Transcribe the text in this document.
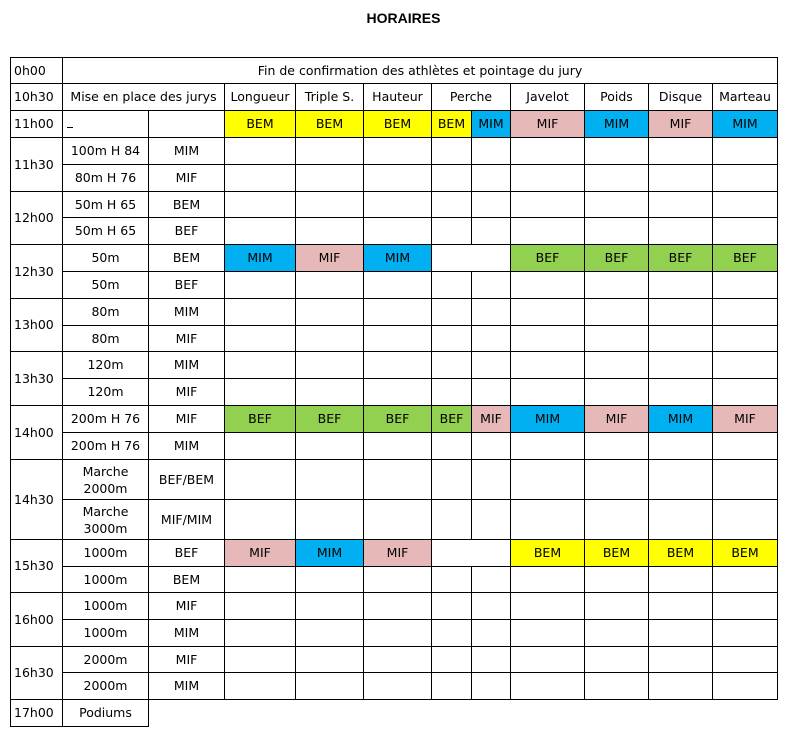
HORAIRES
0h00	Fin de confirmation des athlètes et pointage du jury										
10h30	Mise en place des jurys		Longueur	Triple S.	Hauteur	Perche		Javelot	Poids	Disque	Marteau
11h00			BEM	BEM	BEM	BEM	MIM	MIF	MIM	MIF	MIM
11h30	100m H 84	MIM									
	80m H 76	MIF									
12h00	50m H 65	BEM									
	50m H 65	BEF									
12h30	50m	BEM	MIM	MIF	MIM			BEF	BEF	BEF	BEF
	50m	BEF									
13h00	80m	MIM									
	80m	MIF									
13h30	120m	MIM									
	120m	MIF									
14h00	200m H 76	MIF	BEF	BEF	BEF	BEF	MIF	MIM	MIF	MIM	MIF
	200m H 76	MIM									
14h30	Marche 2000m	BEF/BEM									
	Marche 3000m	MIF/MIM									
15h30	1000m	BEF	MIF	MIM	MIF			BEM	BEM	BEM	BEM
	1000m	BEM									
16h00	1000m	MIF									
	1000m	MIM									
16h30	2000m	MIF									
	2000m	MIM									
17h00	Podiums										
